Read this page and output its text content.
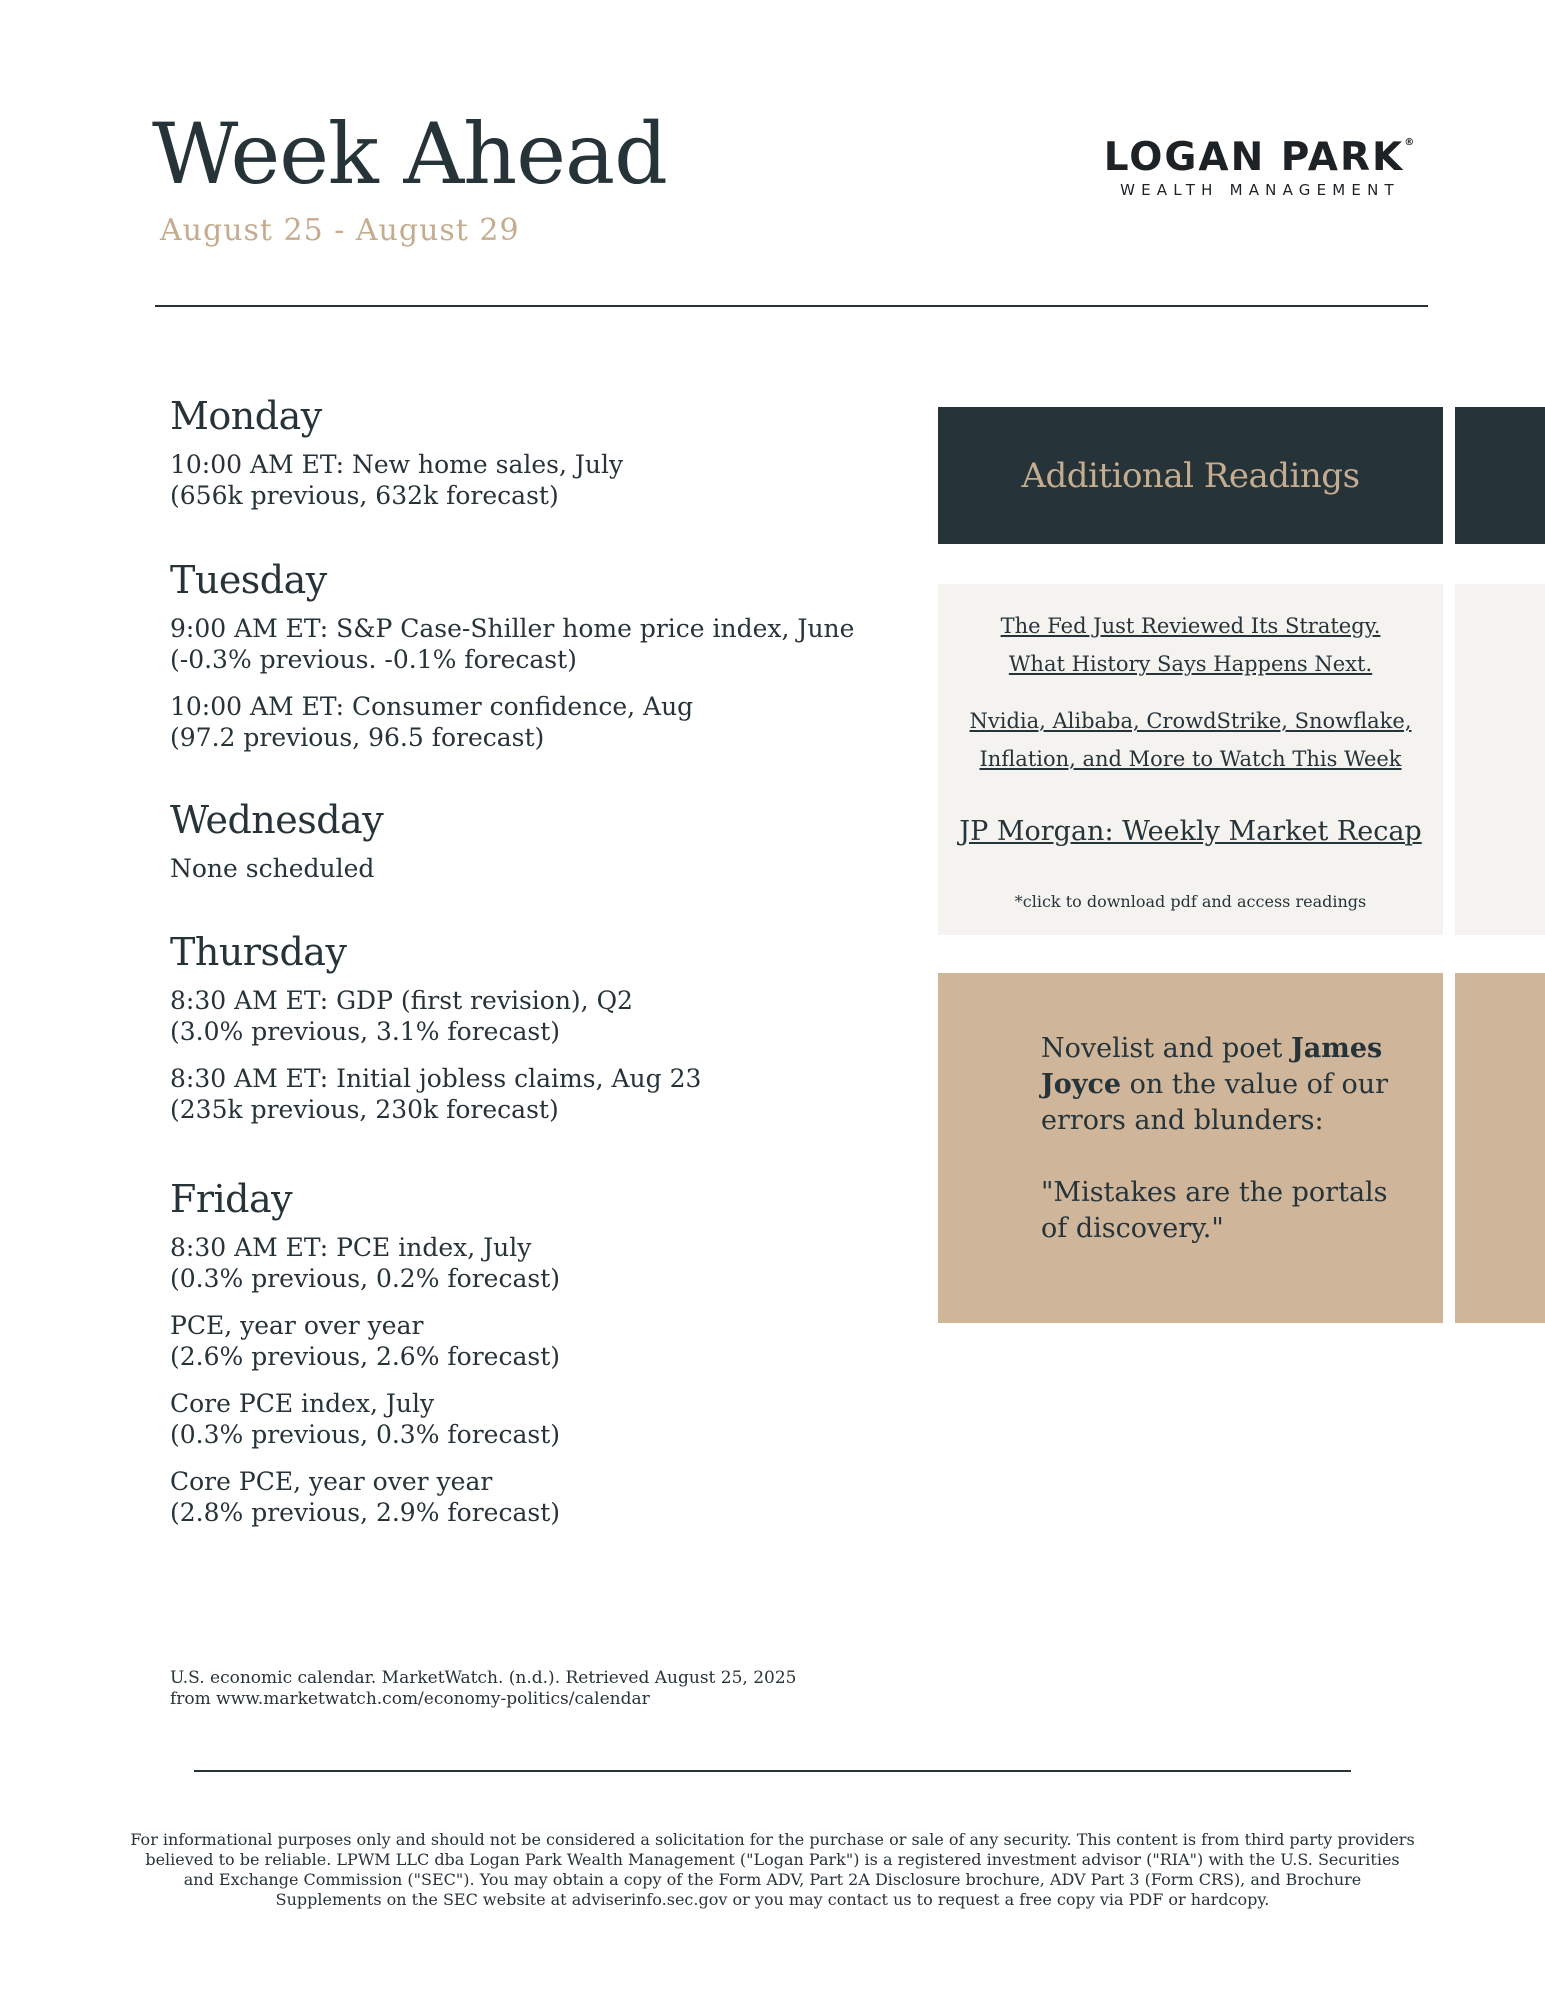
Week Ahead
August 25 - August 29
LOGAN PARK®
WEALTH MANAGEMENT
Monday
10:00 AM ET: New home sales, July
(656k previous, 632k forecast)
Tuesday
9:00 AM ET: S&P Case-Shiller home price index, June
(-0.3% previous. -0.1% forecast)
10:00 AM ET: Consumer confidence, Aug
(97.2 previous, 96.5 forecast)
Wednesday
None scheduled
Thursday
8:30 AM ET: GDP (first revision), Q2
(3.0% previous, 3.1% forecast)
8:30 AM ET: Initial jobless claims, Aug 23
(235k previous, 230k forecast)
Friday
8:30 AM ET: PCE index, July
(0.3% previous, 0.2% forecast)
PCE, year over year
(2.6% previous, 2.6% forecast)
Core PCE index, July
(0.3% previous, 0.3% forecast)
Core PCE, year over year
(2.8% previous, 2.9% forecast)
Additional Readings
The Fed Just Reviewed Its Strategy.
What History Says Happens Next.
Nvidia, Alibaba, CrowdStrike, Snowflake,
Inflation, and More to Watch This Week
JP Morgan: Weekly Market Recap
*click to download pdf and access readings
Novelist and poet James Joyce on the value of our errors and blunders:
"Mistakes are the portals of discovery."
U.S. economic calendar. MarketWatch. (n.d.). Retrieved August 25, 2025
from www.marketwatch.com/economy-politics/calendar
For informational purposes only and should not be considered a solicitation for the purchase or sale of any security. This content is from third party providers believed to be reliable. LPWM LLC dba Logan Park Wealth Management ("Logan Park") is a registered investment advisor ("RIA") with the U.S. Securities and Exchange Commission ("SEC"). You may obtain a copy of the Form ADV, Part 2A Disclosure brochure, ADV Part 3 (Form CRS), and Brochure Supplements on the SEC website at adviserinfo.sec.gov or you may contact us to request a free copy via PDF or hardcopy.
